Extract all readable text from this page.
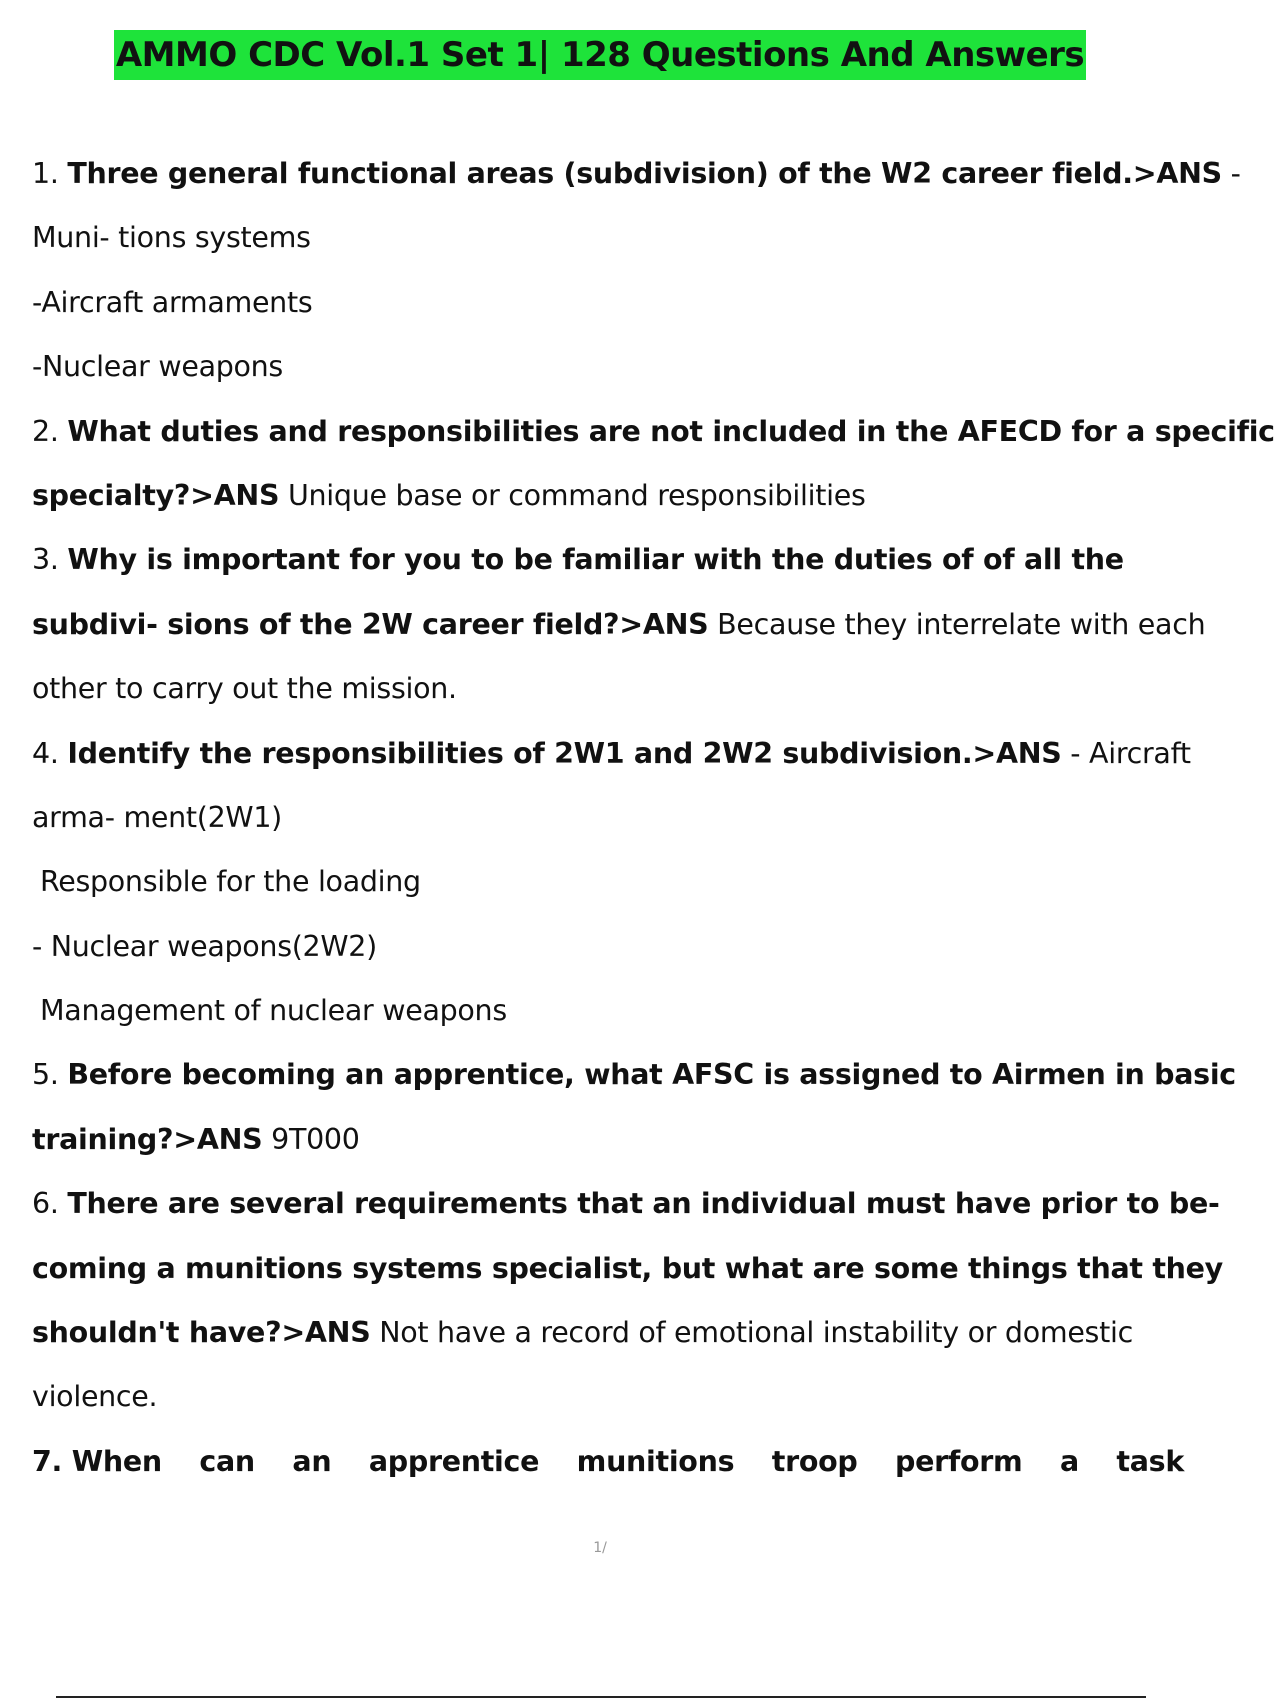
AMMO CDC Vol.1 Set 1| 128 Questions And Answers
1. Three general functional areas (subdivision) of the W2 career field.>ANS -
Muni- tions systems
-Aircraft armaments
-Nuclear weapons
2. What duties and responsibilities are not included in the AFECD for a specific
specialty?>ANS Unique base or command responsibilities
3. Why is important for you to be familiar with the duties of of all the
subdivi- sions of the 2W career field?>ANS Because they interrelate with each
other to carry out the mission.
4. Identify the responsibilities of 2W1 and 2W2 subdivision.>ANS - Aircraft
arma- ment(2W1)
Responsible for the loading
- Nuclear weapons(2W2)
Management of nuclear weapons
5. Before becoming an apprentice, what AFSC is assigned to Airmen in basic
training?>ANS 9T000
6. There are several requirements that an individual must have prior to be-
coming a munitions systems specialist, but what are some things that they
shouldn't have?>ANS Not have a record of emotional instability or domestic
violence.
7. When can an apprentice munitions troop perform a task
1/
